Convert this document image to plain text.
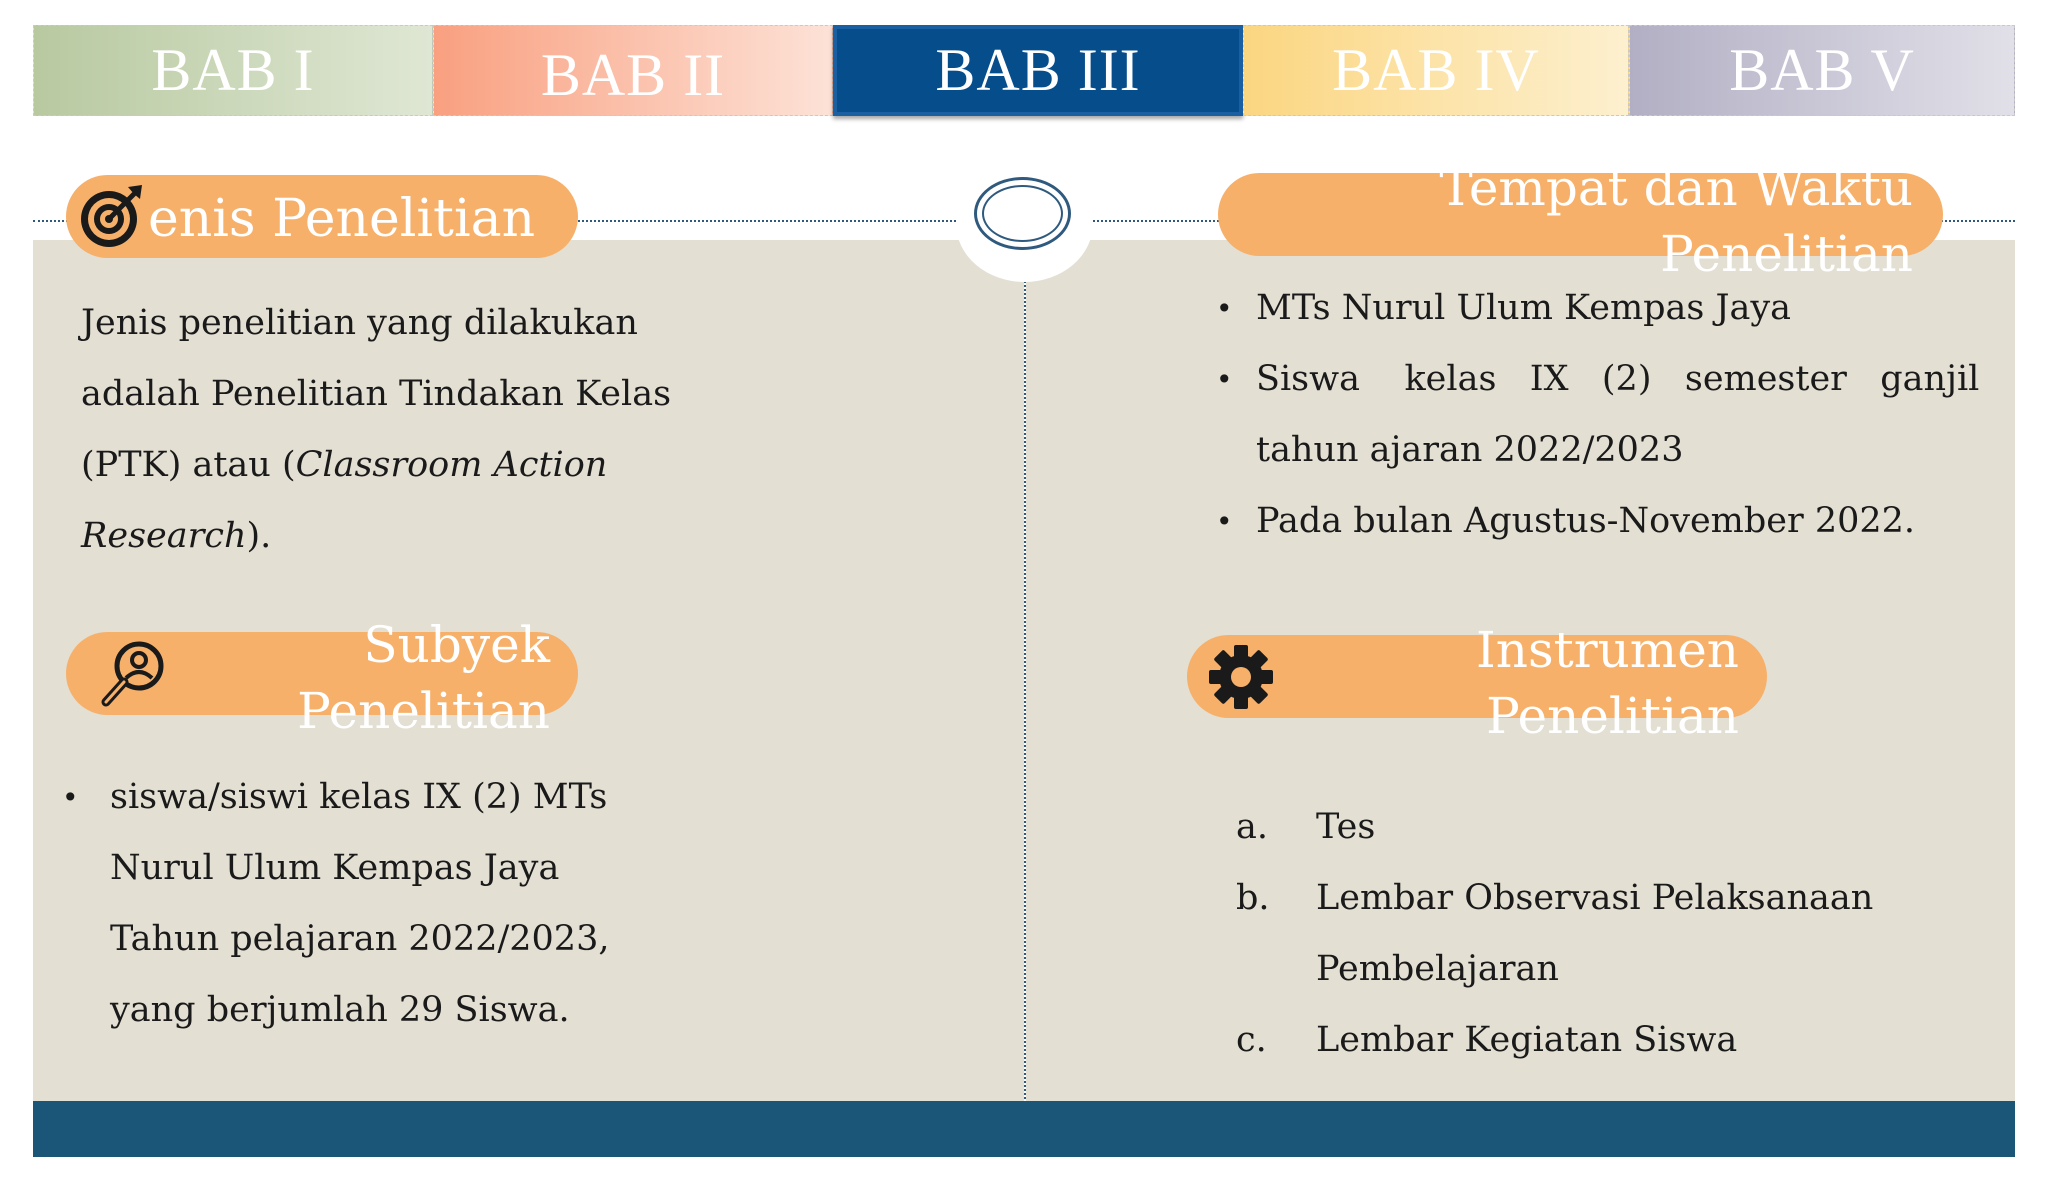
BAB I	BAB II	BAB III	BAB IV	BAB V
enis Penelitian
Jenis penelitian yang dilakukan
adalah Penelitian Tindakan Kelas
(PTK) atau (Classroom Action
Research).
Tempat dan Waktu
Penelitian
• MTs Nurul Ulum Kempas Jaya
• Siswa    kelas   IX   (2)   semester   ganjil
tahun ajaran 2022/2023
• Pada bulan Agustus-November 2022.
Subyek
Penelitian
• siswa/siswi kelas IX (2) MTs
Nurul Ulum Kempas Jaya
Tahun pelajaran 2022/2023,
yang berjumlah 29 Siswa.
Instrumen
Penelitian
a. Tes
b. Lembar Observasi Pelaksanaan
Pembelajaran
c. Lembar Kegiatan Siswa
